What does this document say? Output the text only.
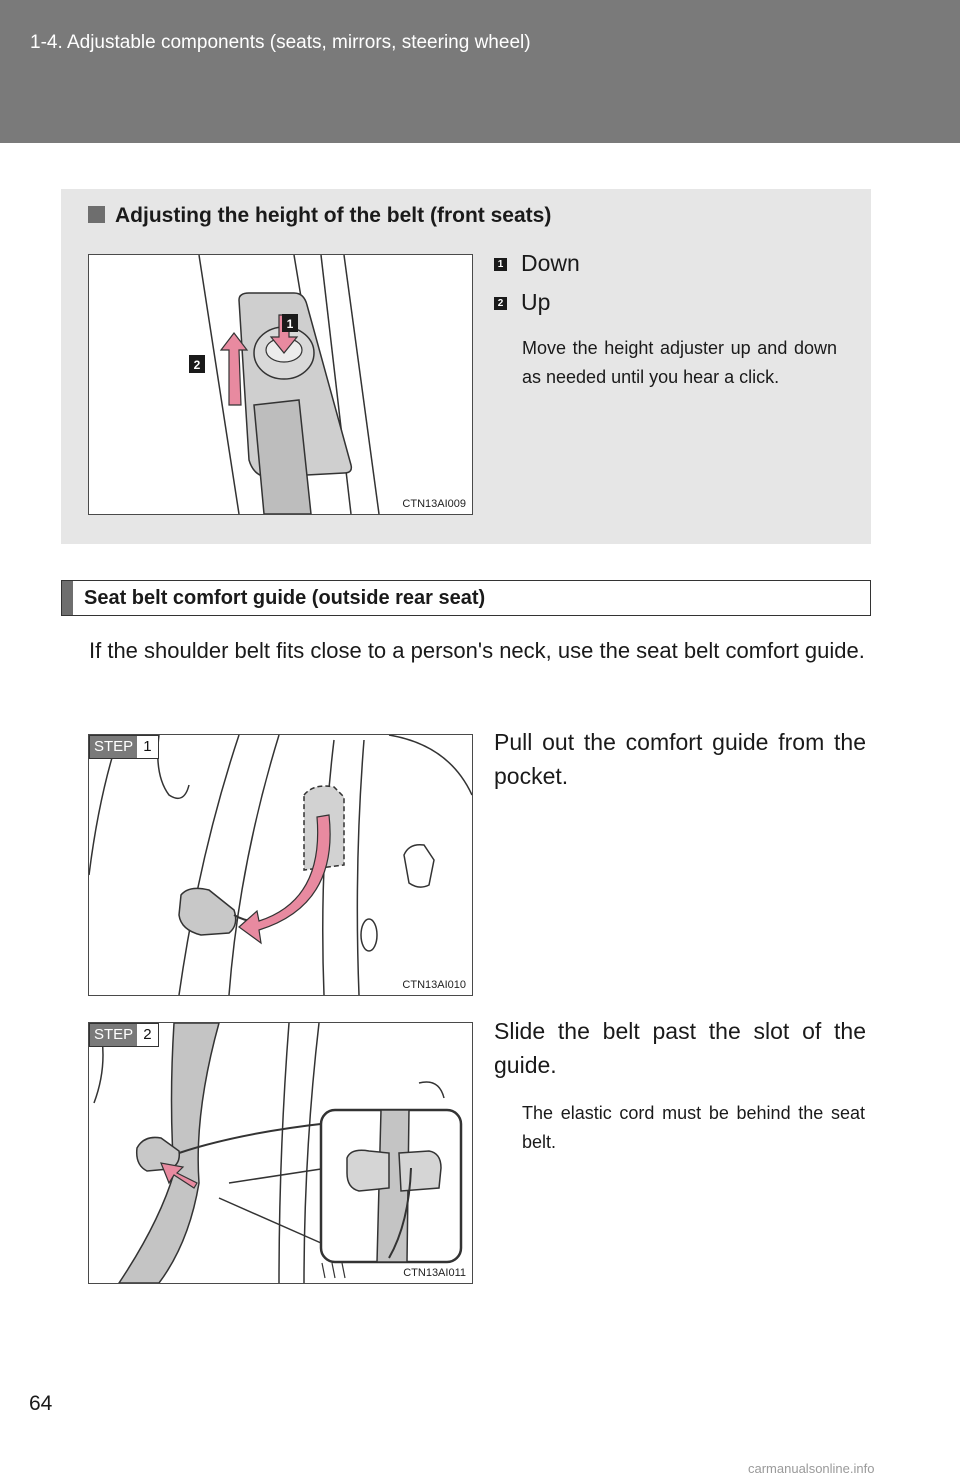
1-4. Adjustable components (seats, mirrors, steering wheel)
Adjusting the height of the belt (front seats)
1
2
CTN13AI009
1 Down
2 Up
Move the height adjuster up and down as needed until you hear a click.
Seat belt comfort guide (outside rear seat)
If the shoulder belt fits close to a person's neck, use the seat belt comfort guide.
STEP 1
CTN13AI010
Pull out the comfort guide from the pocket.
STEP 2
CTN13AI011
Slide the belt past the slot of the guide.
The elastic cord must be behind the seat belt.
64
carmanualsonline.info
